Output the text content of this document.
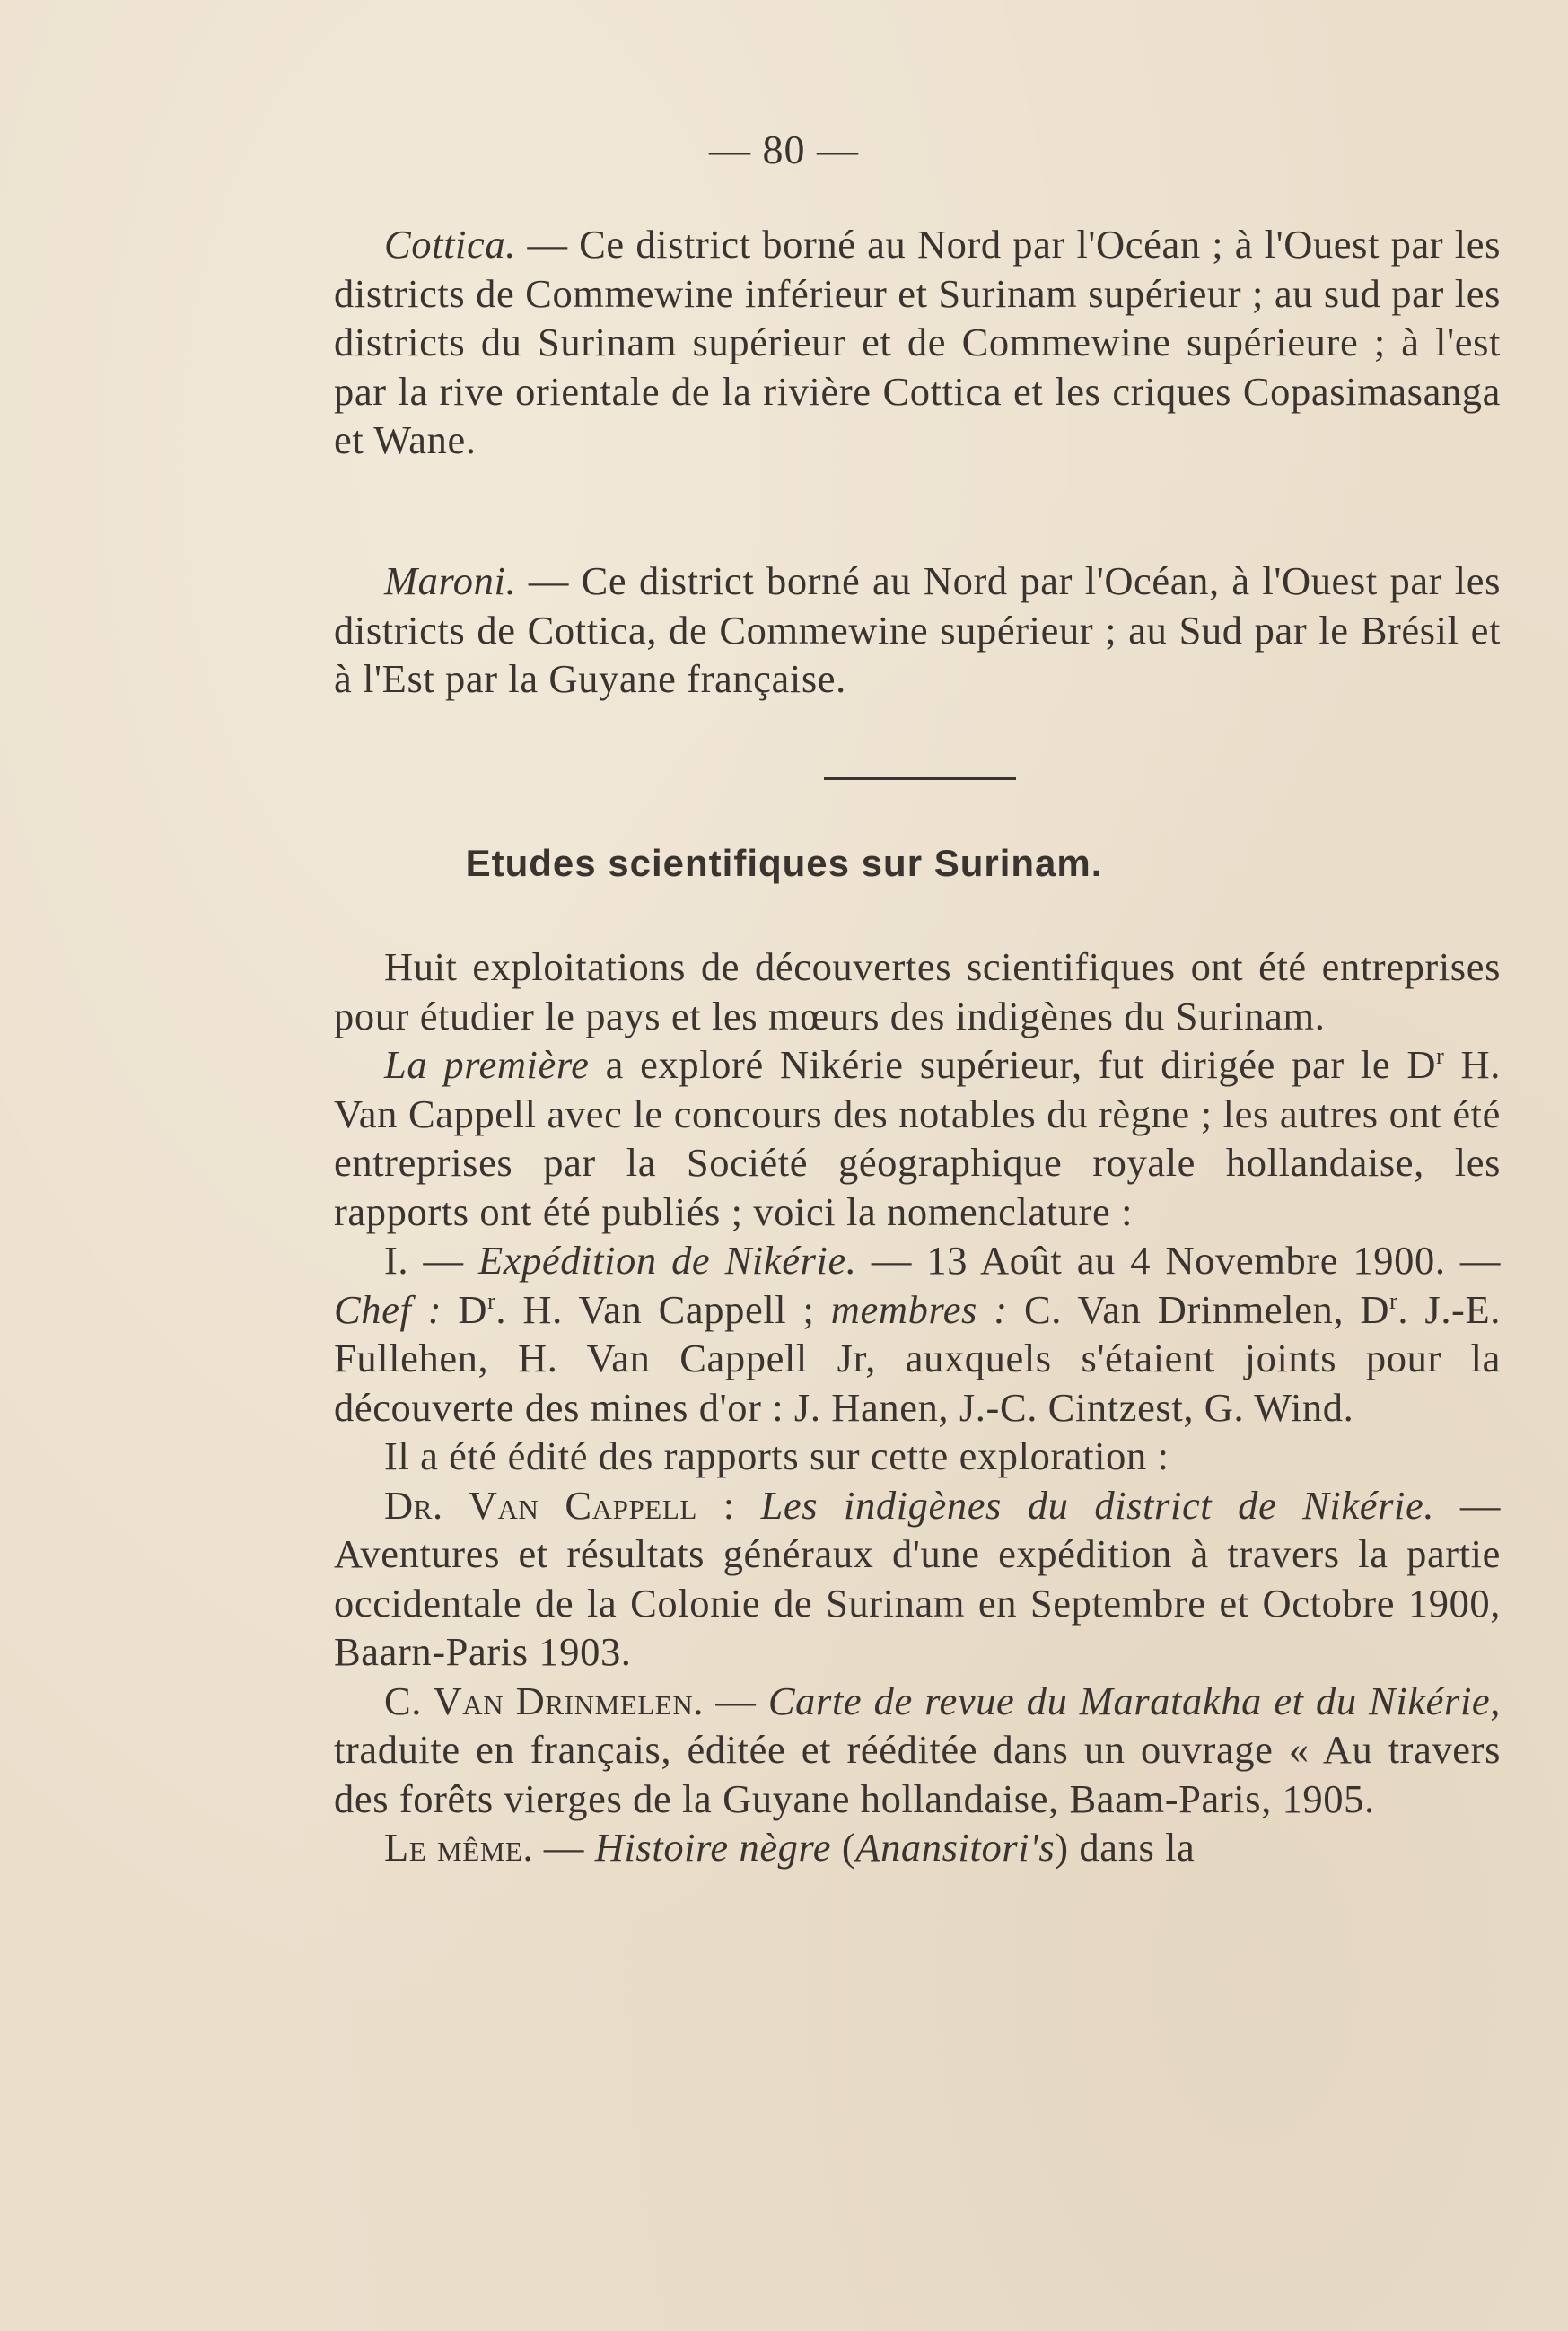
— 80 —

Cottica. — Ce district borné au Nord par l'Océan ; à l'Ouest par les districts de Commewine inférieur et Surinam supérieur ; au sud par les districts du Surinam supérieur et de Commewine supérieure ; à l'est par la rive orientale de la rivière Cottica et les criques Copasimasanga et Wane.

Maroni. — Ce district borné au Nord par l'Océan, à l'Ouest par les districts de Cottica, de Commewine supérieur ; au Sud par le Brésil et à l'Est par la Guyane française.

Etudes scientifiques sur Surinam.

Huit exploitations de découvertes scientifiques ont été entreprises pour étudier le pays et les mœurs des indigènes du Surinam.

La première a exploré Nikérie supérieur, fut dirigée par le $D^r$ H. Van Cappell avec le concours des notables du règne ; les autres ont été entreprises par la Société géographique royale hollandaise, les rapports ont été publiés ; voici la nomenclature :

I. — Expédition de Nikérie. — 13 Août au 4 Novembre 1900. — Chef : $D^r$. H. Van Cappell ; membres : C. Van Drinmelen, $D^r$. J.-E. Fullehen, H. Van Cappell Jr, auxquels s'étaient joints pour la découverte des mines d'or : J. Hanen, J.-C. Cintzest, G. Wind.

Il a été édité des rapports sur cette exploration :

Dr. Van Cappell : Les indigènes du district de Nikérie. — Aventures et résultats généraux d'une expédition à travers la partie occidentale de la Colonie de Surinam en Septembre et Octobre 1900, Baarn-Paris 1903.

C. Van Drinmelen. — Carte de revue du Maratakha et du Nikérie, traduite en français, éditée et rééditée dans un ouvrage « Au travers des forêts vierges de la Guyane hollandaise, Baam-Paris, 1905.

Le même. — Histoire nègre (Anansitori's) dans la
